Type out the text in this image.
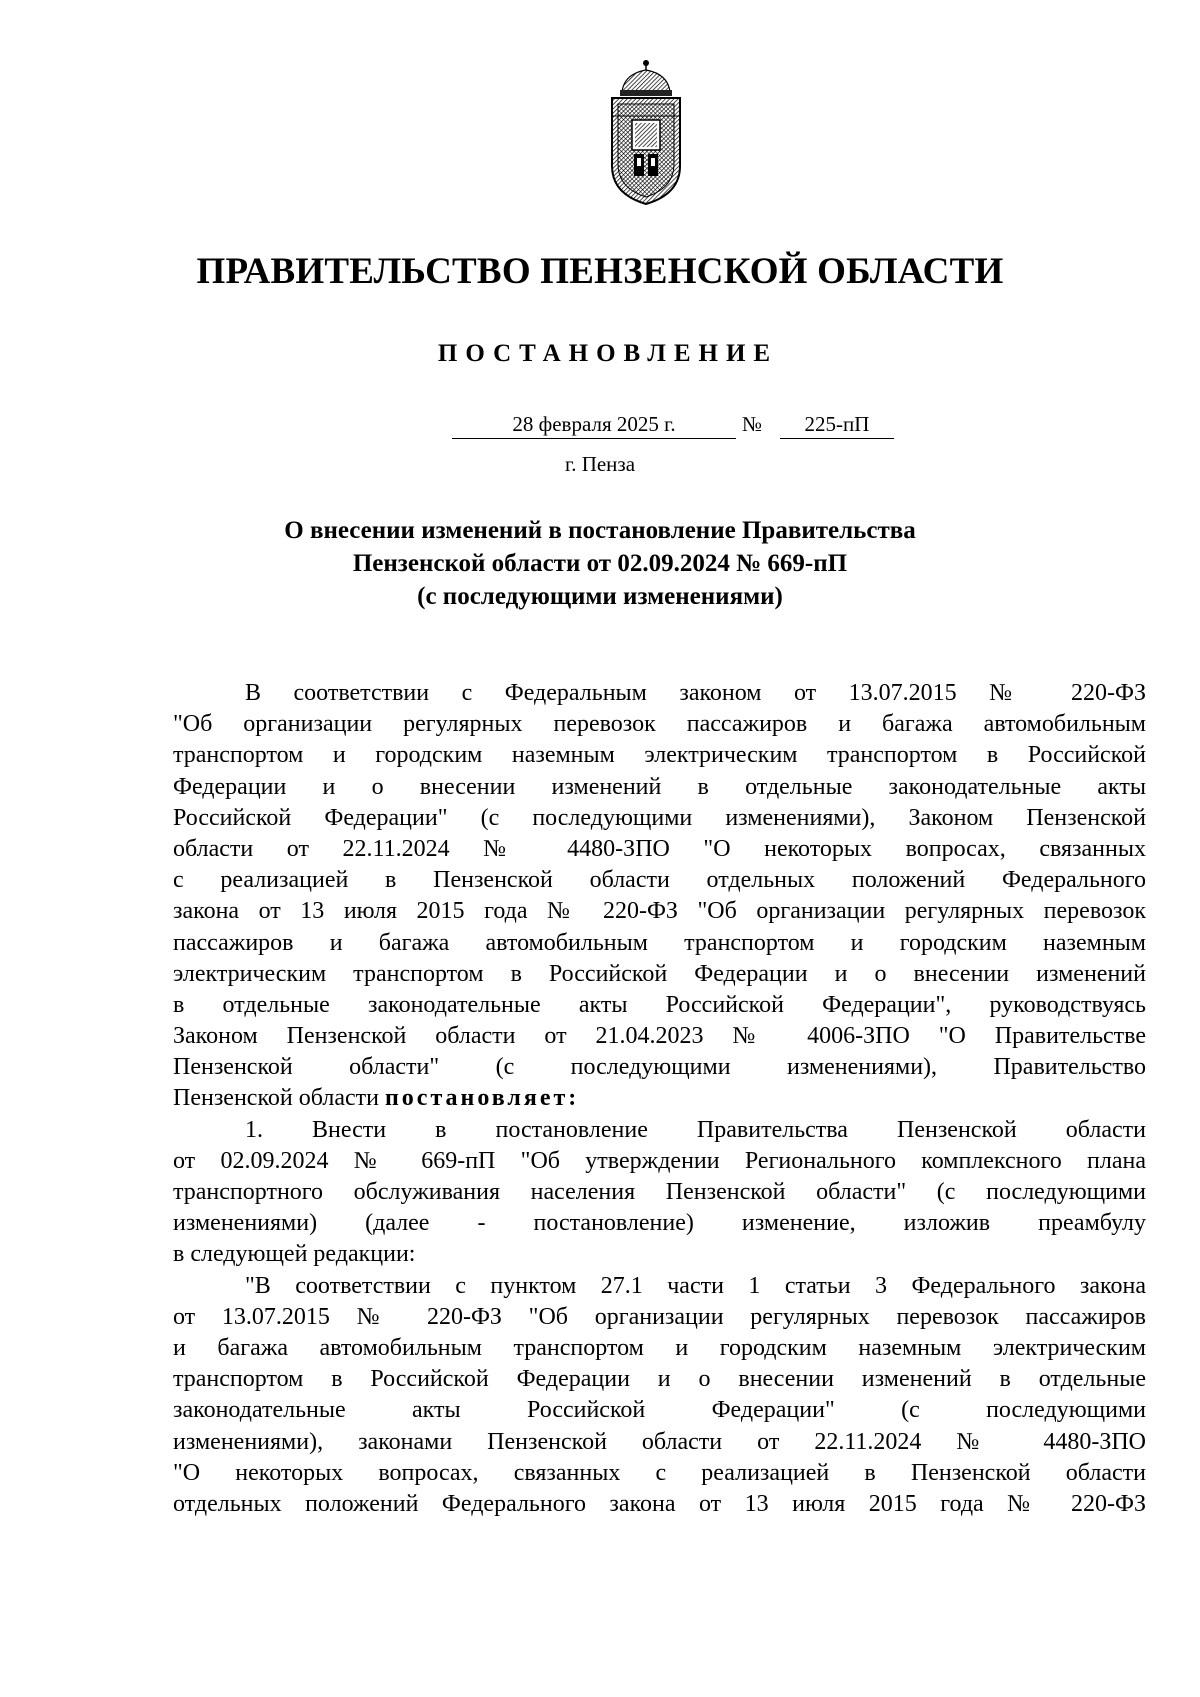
ПРАВИТЕЛЬСТВО ПЕНЗЕНСКОЙ ОБЛАСТИ
ПОСТАНОВЛЕНИЕ
28 февраля 2025 г.	№	225-пП
г. Пенза
О внесении изменений в постановление Правительства
Пензенской области от 02.09.2024 № 669-пП
(с последующими изменениями)
В соответствии с Федеральным законом от 13.07.2015 № 220-ФЗ
"Об организации регулярных перевозок пассажиров и багажа автомобильным
транспортом и городским наземным электрическим транспортом в Российской
Федерации и о внесении изменений в отдельные законодательные акты
Российской Федерации" (с последующими изменениями), Законом Пензенской
области от 22.11.2024 № 4480-ЗПО "О некоторых вопросах, связанных
с реализацией в Пензенской области отдельных положений Федерального
закона от 13 июля 2015 года № 220-ФЗ "Об организации регулярных перевозок
пассажиров и багажа автомобильным транспортом и городским наземным
электрическим транспортом в Российской Федерации и о внесении изменений
в отдельные законодательные акты Российской Федерации", руководствуясь
Законом Пензенской области от 21.04.2023 № 4006-ЗПО "О Правительстве
Пензенской области" (с последующими изменениями), Правительство
Пензенской области постановляет:
1. Внести в постановление Правительства Пензенской области
от 02.09.2024 № 669-пП "Об утверждении Регионального комплексного плана
транспортного обслуживания населения Пензенской области" (с последующими
изменениями) (далее - постановление) изменение, изложив преамбулу
в следующей редакции:
"В соответствии с пунктом 27.1 части 1 статьи 3 Федерального закона
от 13.07.2015 № 220-ФЗ "Об организации регулярных перевозок пассажиров
и багажа автомобильным транспортом и городским наземным электрическим
транспортом в Российской Федерации и о внесении изменений в отдельные
законодательные акты Российской Федерации" (с последующими
изменениями), законами Пензенской области от 22.11.2024 № 4480-ЗПО
"О некоторых вопросах, связанных с реализацией в Пензенской области
отдельных положений Федерального закона от 13 июля 2015 года № 220-ФЗ
